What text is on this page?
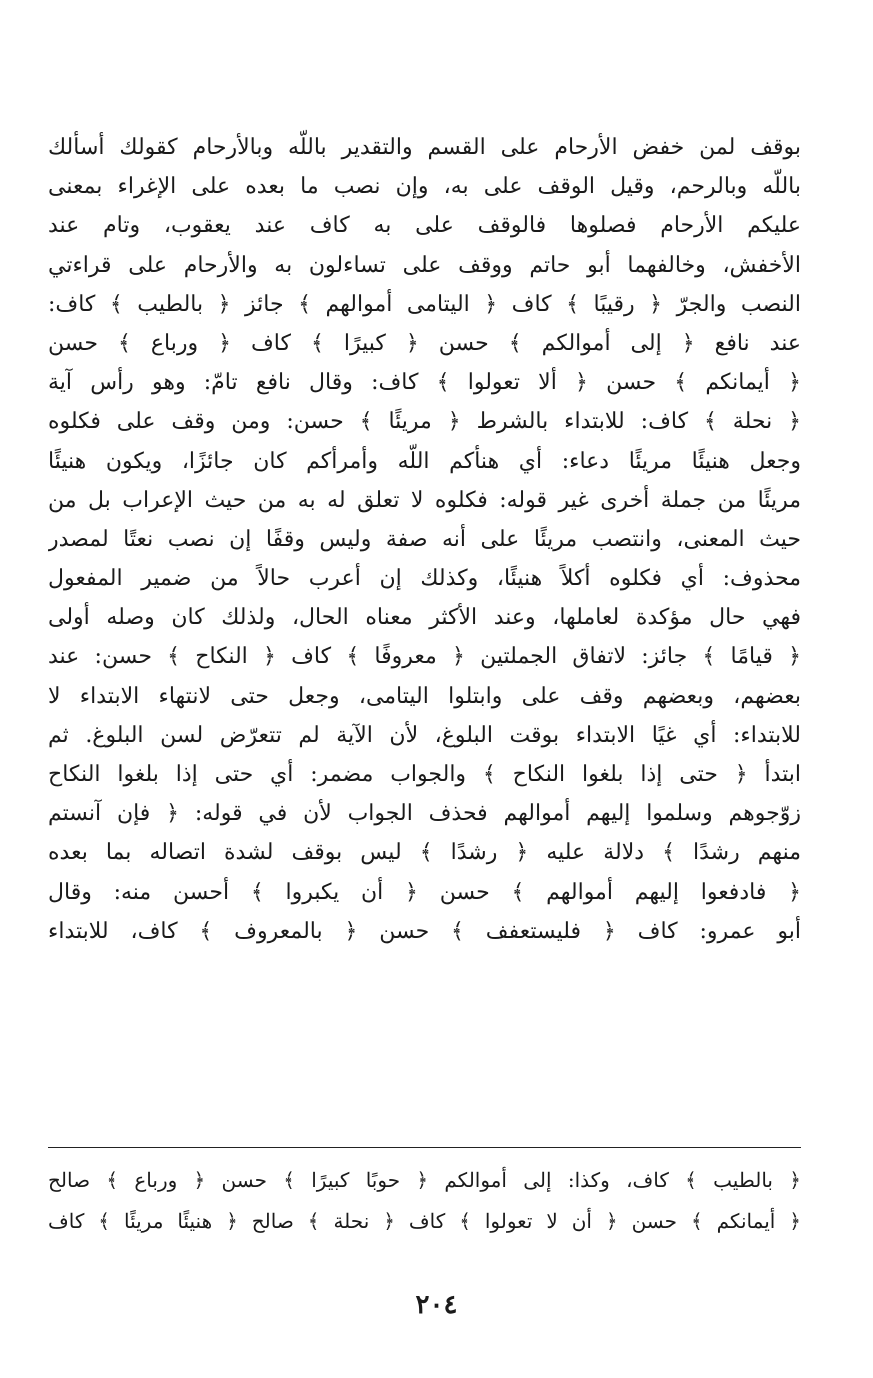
بوقف لمن خفض الأرحام على القسم والتقدير باللّه وبالأرحام كقولك أسألك
باللّه وبالرحم، وقيل الوقف على به، وإن نصب ما بعده على الإغراء بمعنى
عليكم الأرحام فصلوها فالوقف على به كاف عند يعقوب، وتام عند
الأخفش، وخالفهما أبو حاتم ووقف على تساءلون به والأرحام على قراءتي
النصب والجرّ ﴿ رقيبًا ﴾ كاف ﴿ اليتامى أموالهم ﴾ جائز ﴿ بالطيب ﴾ كاف:
عند نافع ﴿ إلى أموالكم ﴾ حسن ﴿ كبيرًا ﴾ كاف ﴿ ورباع ﴾ حسن
﴿ أيمانكم ﴾ حسن ﴿ ألا تعولوا ﴾ كاف: وقال نافع تامّ: وهو رأس آية
﴿ نحلة ﴾ كاف: للابتداء بالشرط ﴿ مريئًا ﴾ حسن: ومن وقف على فكلوه
وجعل هنيئًا مريئًا دعاء: أي هنأكم اللّه وأمرأكم كان جائزًا، ويكون هنيئًا
مريئًا من جملة أخرى غير قوله: فكلوه لا تعلق له به من حيث الإعراب بل من
حيث المعنى، وانتصب مريئًا على أنه صفة وليس وقفًا إن نصب نعتًا لمصدر
محذوف: أي فكلوه أكلاً هنيئًا، وكذلك إن أعرب حالاً من ضمير المفعول
فهي حال مؤكدة لعاملها، وعند الأكثر معناه الحال، ولذلك كان وصله أولى
﴿ قيامًا ﴾ جائز: لاتفاق الجملتين ﴿ معروفًا ﴾ كاف ﴿ النكاح ﴾ حسن: عند
بعضهم، وبعضهم وقف على وابتلوا اليتامى، وجعل حتى لانتهاء الابتداء لا
للابتداء: أي غيًا الابتداء بوقت البلوغ، لأن الآية لم تتعرّض لسن البلوغ. ثم
ابتدأ ﴿ حتى إذا بلغوا النكاح ﴾ والجواب مضمر: أي حتى إذا بلغوا النكاح
زوّجوهم وسلموا إليهم أموالهم فحذف الجواب لأن في قوله: ﴿ فإن آنستم
منهم رشدًا ﴾ دلالة عليه ﴿ رشدًا ﴾ ليس بوقف لشدة اتصاله بما بعده
﴿ فادفعوا إليهم أموالهم ﴾ حسن ﴿ أن يكبروا ﴾ أحسن منه: وقال
أبو عمرو: كاف ﴿ فليستعفف ﴾ حسن ﴿ بالمعروف ﴾ كاف، للابتداء
﴿ بالطيب ﴾ كاف، وكذا: إلى أموالكم ﴿ حوبًا كبيرًا ﴾ حسن ﴿ ورباع ﴾ صالح
﴿ أيمانكم ﴾ حسن ﴿ أن لا تعولوا ﴾ كاف ﴿ نحلة ﴾ صالح ﴿ هنيئًا مريئًا ﴾ كاف
٢٠٤
